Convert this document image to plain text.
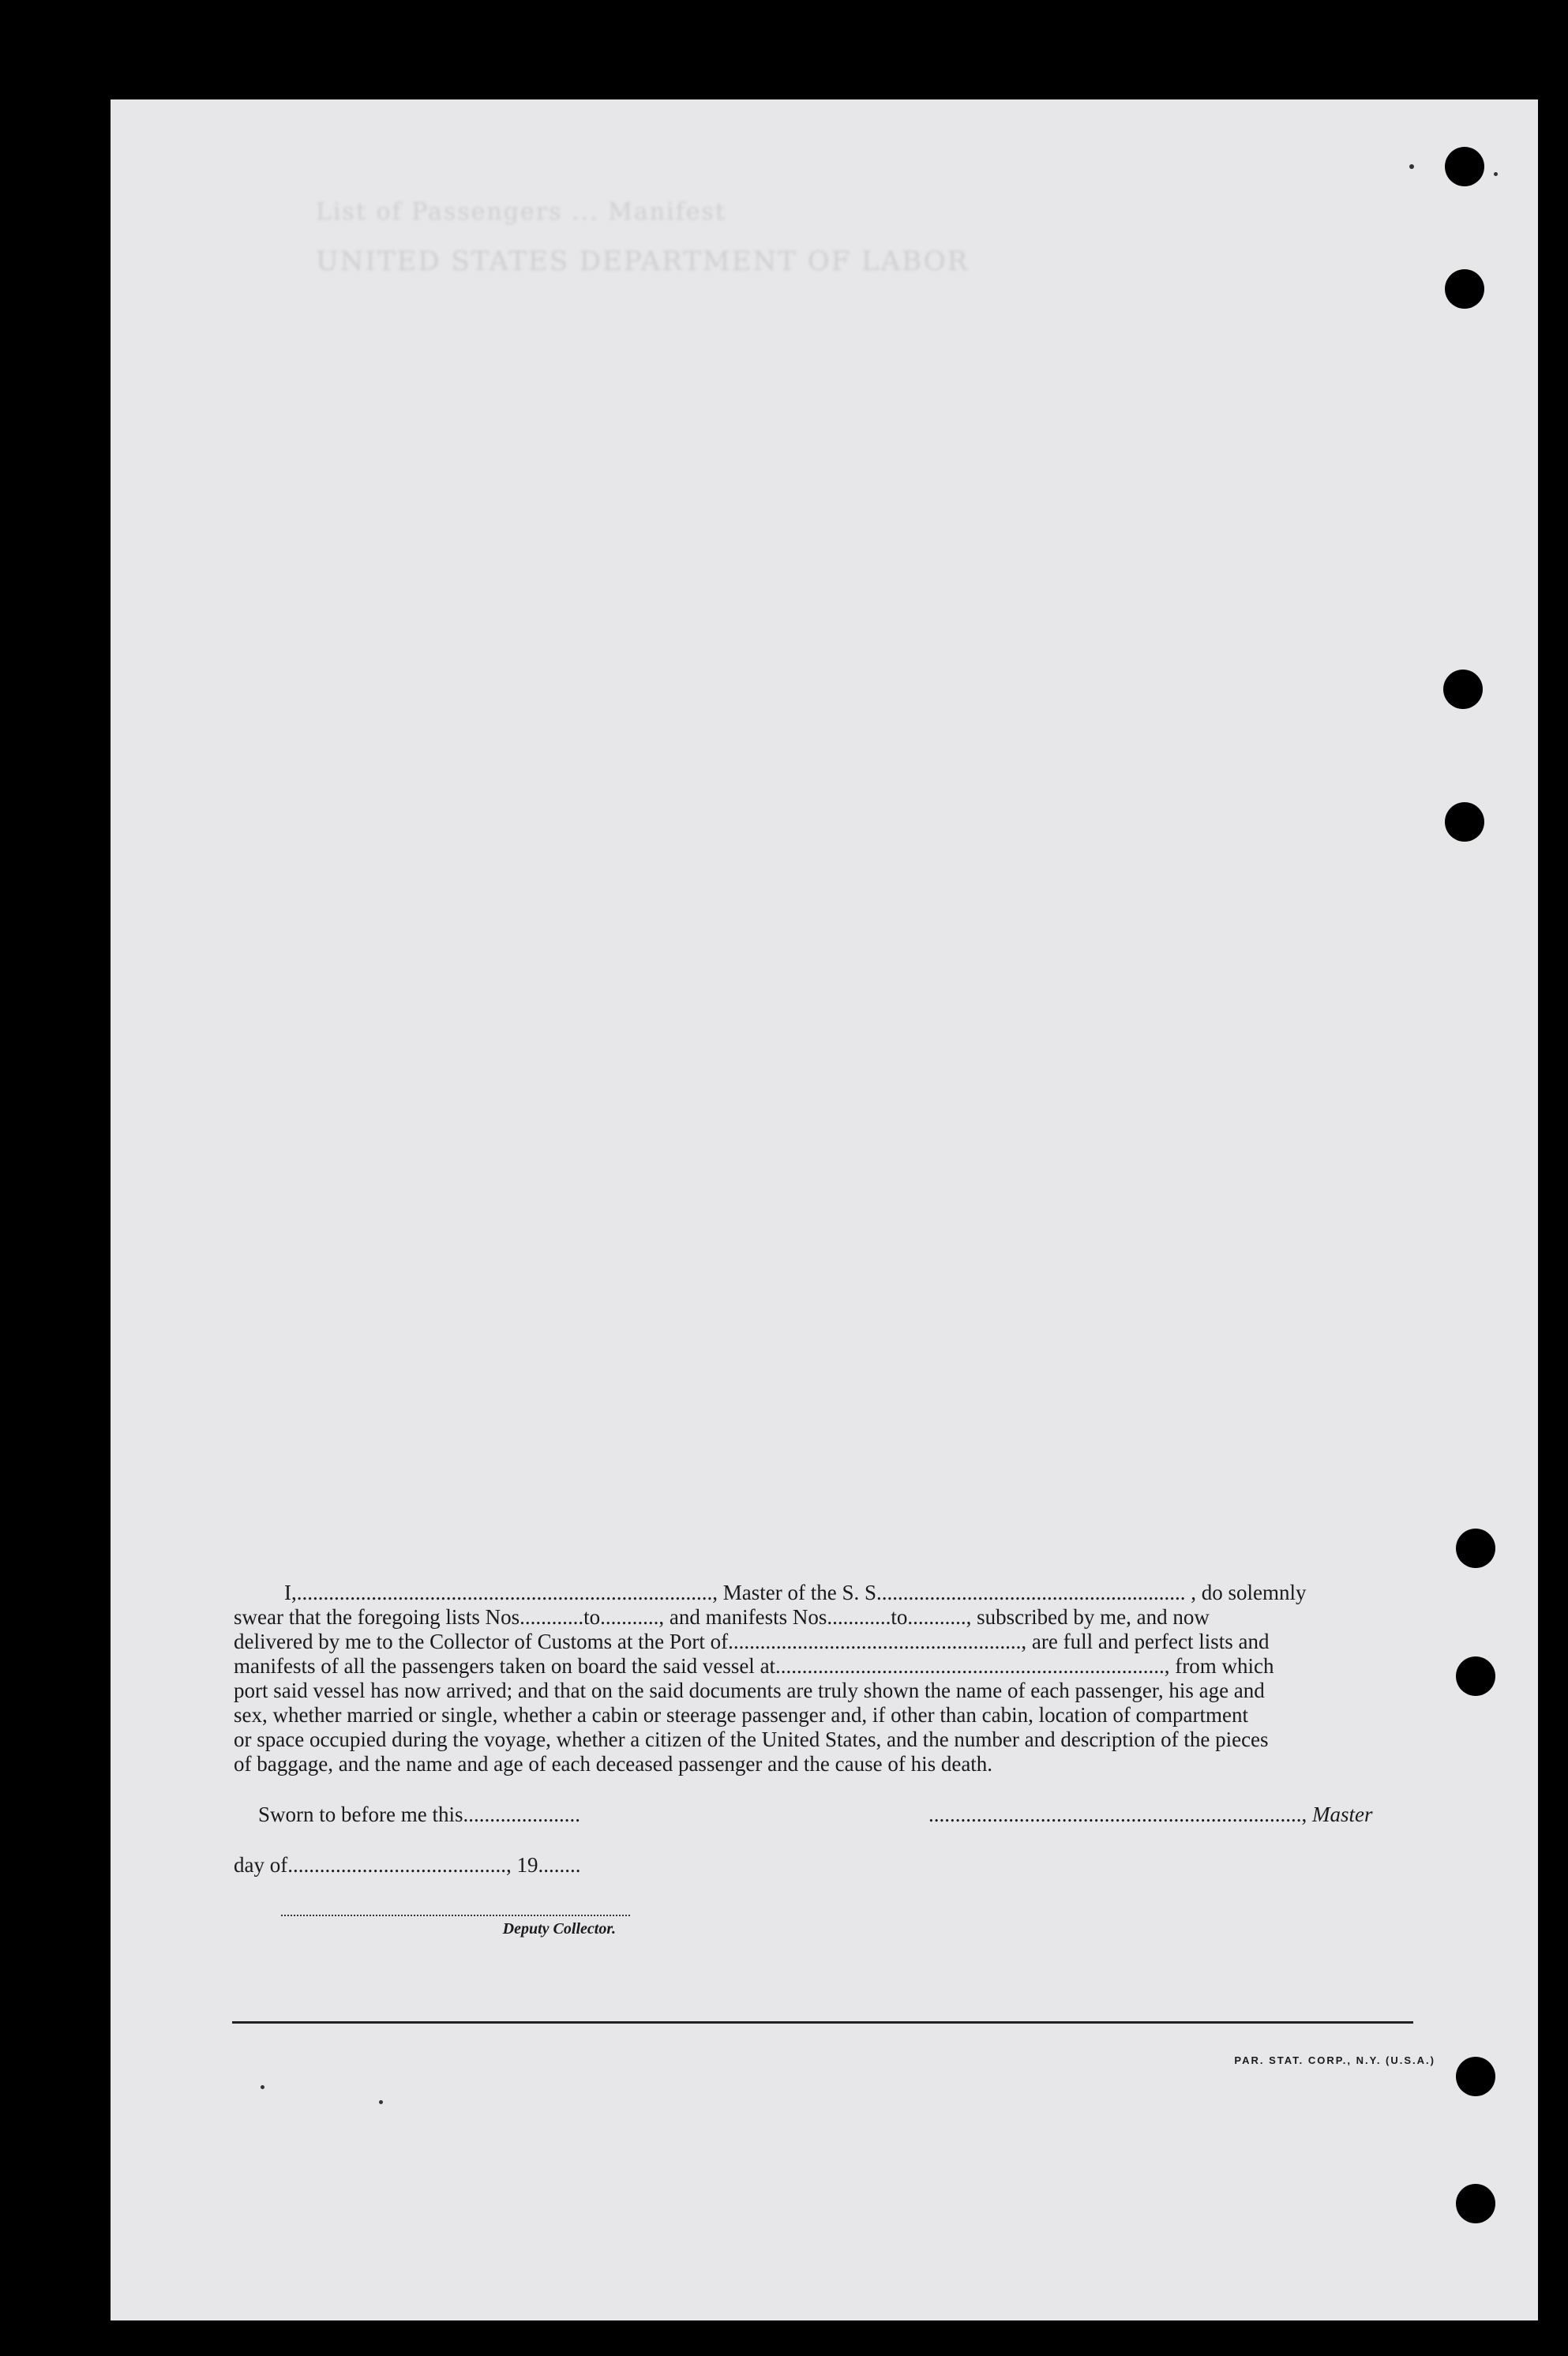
List of Passengers ... Manifest
UNITED STATES DEPARTMENT OF LABOR
I,.............................................................................., Master of the S. S.......................................................... , do solemnly
swear that the foregoing lists Nos............to..........., and manifests Nos............to..........., subscribed by me, and now
delivered by me to the Collector of Customs at the Port of......................................................., are full and perfect lists and
manifests of all the passengers taken on board the said vessel at........................................................................., from which
port said vessel has now arrived; and that on the said documents are truly shown the name of each passenger, his age and
sex, whether married or single, whether a cabin or steerage passenger and, if other than cabin, location of compartment
or space occupied during the voyage, whether a citizen of the United States, and the number and description of the pieces
of baggage, and the name and age of each deceased passenger and the cause of his death.
Sworn to before me this......................	......................................................................, Master
day of........................................., 19........
Deputy Collector.
PAR. STAT. CORP., N.Y. (U.S.A.)
